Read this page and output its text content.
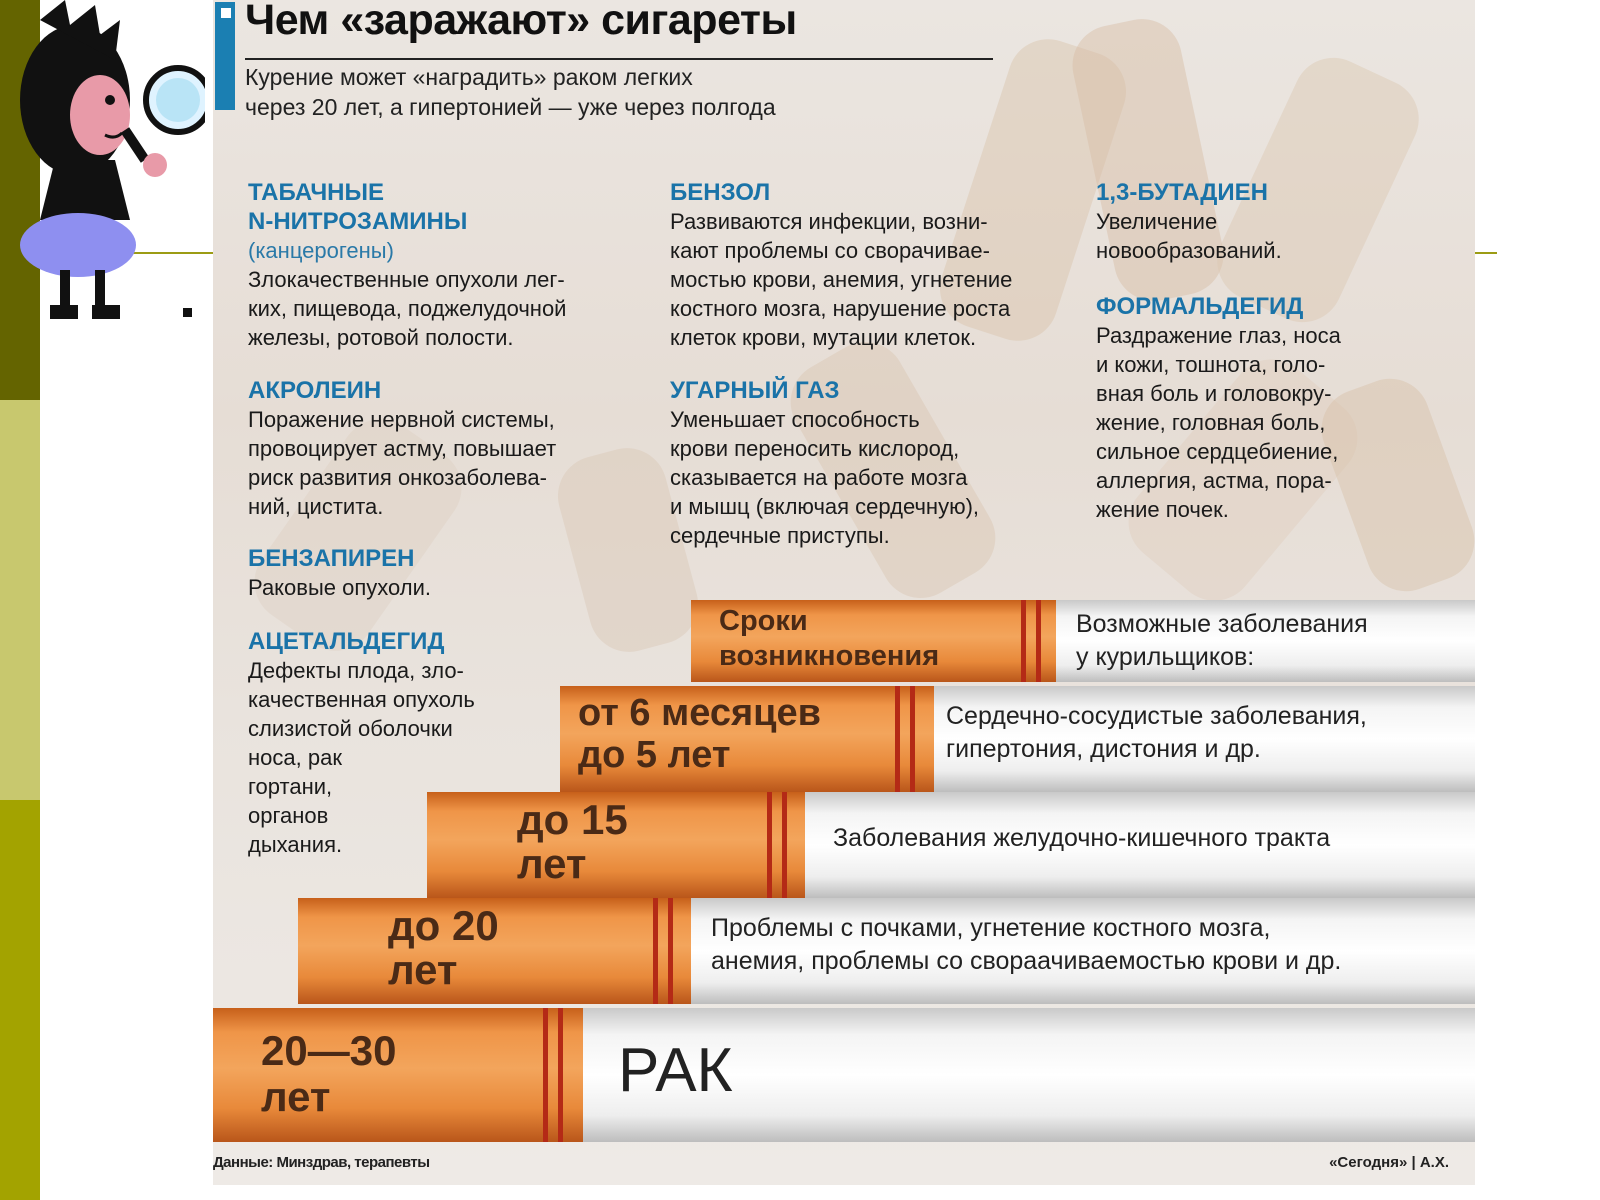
Чем «заражают» сигареты
Курение может «наградить» раком легких
через 20 лет, а гипертонией — уже через полгода
ТАБАЧНЫЕ
N-НИТРОЗАМИНЫ
(канцерогены)
Злокачественные опухоли лег-
ких, пищевода, поджелудочной
железы, ротовой полости.
АКРОЛЕИН
Поражение нервной системы,
провоцирует астму, повышает
риск развития онкозаболева-
ний, цистита.
БЕНЗАПИРЕН
Раковые опухоли.
АЦЕТАЛЬДЕГИД
Дефекты плода, зло-
качественная опухоль
слизистой оболочки
носа, рак
гортани,
органов
дыхания.
БЕНЗОЛ
Развиваются инфекции, возни-
кают проблемы со сворачивае-
мостью крови, анемия, угнетение
костного мозга, нарушение роста
клеток крови, мутации клеток.
УГАРНЫЙ ГАЗ
Уменьшает способность
крови переносить кислород,
сказывается на работе мозга
и мышц (включая сердечную),
сердечные приступы.
1,3-БУТАДИЕН
Увеличение
новообразований.
ФОРМАЛЬДЕГИД
Раздражение глаз, носа
и кожи, тошнота, голо-
вная боль и головокру-
жение, головная боль,
сильное сердцебиение,
аллергия, астма, пора-
жение почек.
Сроки
возникновения
Возможные заболевания
у курильщиков:
от 6 месяцев
до 5 лет
Сердечно-сосудистые заболевания,
гипертония, дистония и др.
до 15
лет
Заболевания желудочно-кишечного тракта
до 20
лет
Проблемы с почками, угнетение костного мозга,
анемия, проблемы со свораачиваемостью крови и др.
20—30
лет	РАК
Данные: Минздрав, терапевты	«Сегодня» | А.Х.
